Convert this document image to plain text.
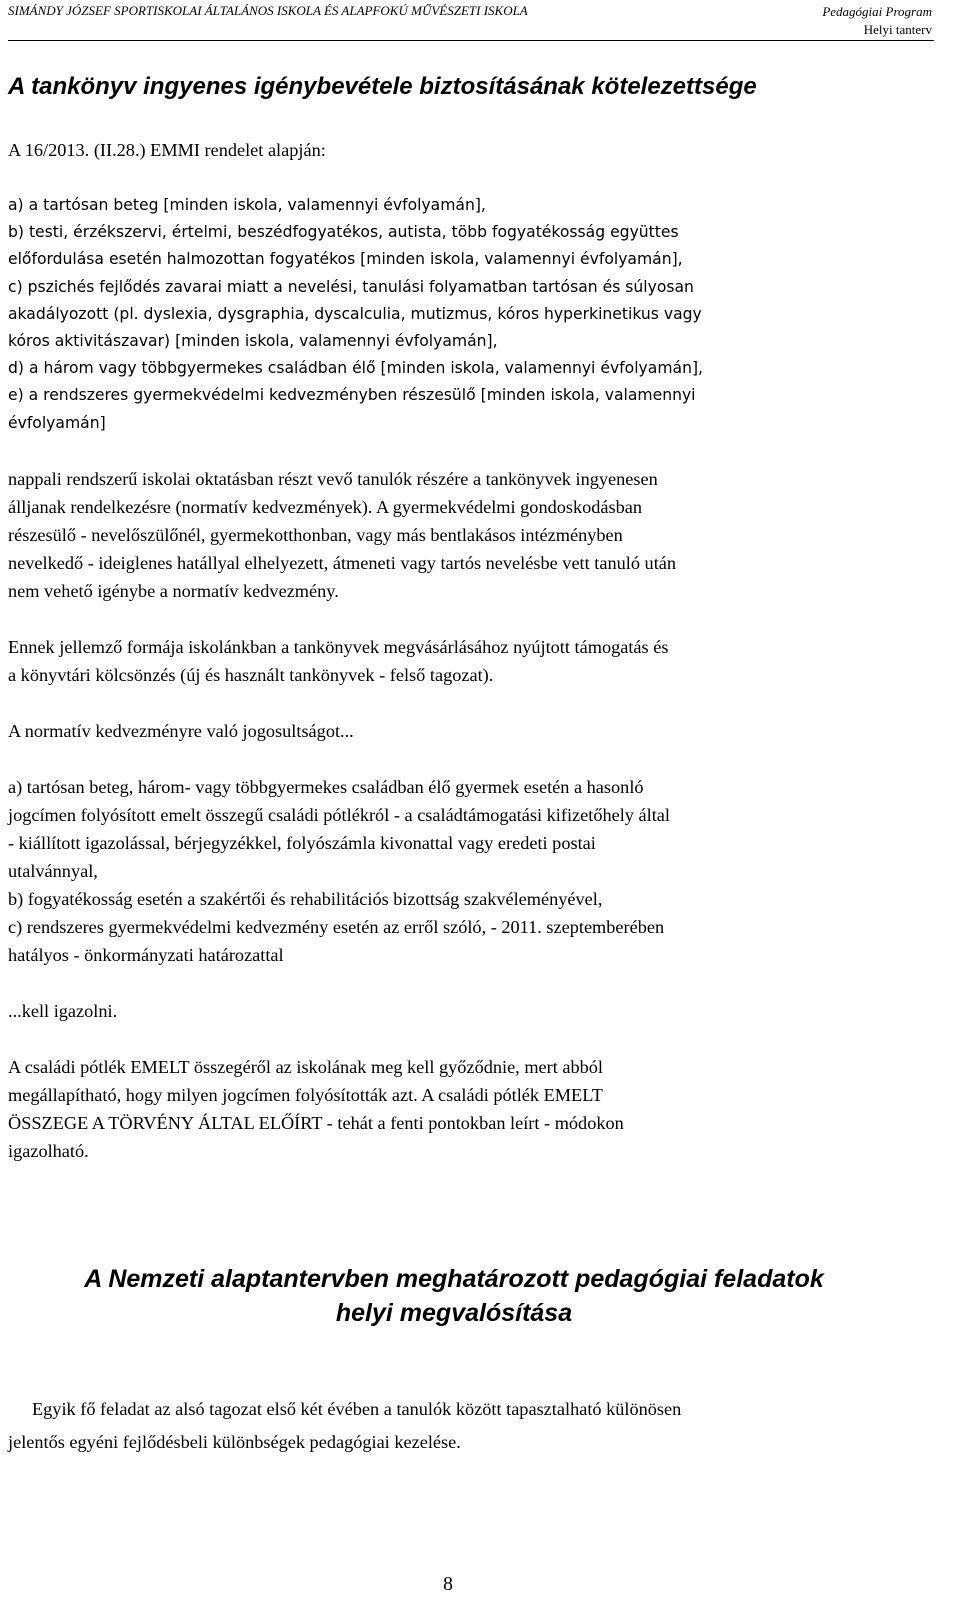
SIMÁNDY JÓZSEF SPORTISKOLAI ÁLTALÁNOS ISKOLA ÉS ALAPFOKÚ MŰVÉSZETI ISKOLA	Pedagógiai Program
Helyi tanterv
A tankönyv ingyenes igénybevétele biztosításának kötelezettsége
A 16/2013. (II.28.) EMMI rendelet alapján:
a) a tartósan beteg [minden iskola, valamennyi évfolyamán],
b) testi, érzékszervi, értelmi, beszédfogyatékos, autista, több fogyatékosság együttes
előfordulása esetén halmozottan fogyatékos [minden iskola, valamennyi évfolyamán],
c) pszichés fejlődés zavarai miatt a nevelési, tanulási folyamatban tartósan és súlyosan
akadályozott (pl. dyslexia, dysgraphia, dyscalculia, mutizmus, kóros hyperkinetikus vagy
kóros aktivitászavar) [minden iskola, valamennyi évfolyamán],
d) a három vagy többgyermekes családban élő [minden iskola, valamennyi évfolyamán],
e) a rendszeres gyermekvédelmi kedvezményben részesülő [minden iskola, valamennyi
évfolyamán]
nappali rendszerű iskolai oktatásban részt vevő tanulók részére a tankönyvek ingyenesen
álljanak rendelkezésre (normatív kedvezmények). A gyermekvédelmi gondoskodásban
részesülő - nevelőszülőnél, gyermekotthonban, vagy más bentlakásos intézményben
nevelkedő - ideiglenes hatállyal elhelyezett, átmeneti vagy tartós nevelésbe vett tanuló után
nem vehető igénybe a normatív kedvezmény.
Ennek jellemző formája iskolánkban a tankönyvek megvásárlásához nyújtott támogatás és
a könyvtári kölcsönzés (új és használt tankönyvek - felső tagozat).
A normatív kedvezményre való jogosultságot...
a) tartósan beteg, három- vagy többgyermekes családban élő gyermek esetén a hasonló
jogcímen folyósított emelt összegű családi pótlékról - a családtámogatási kifizetőhely által
- kiállított igazolással, bérjegyzékkel, folyószámla kivonattal vagy eredeti postai
utalvánnyal,
b) fogyatékosság esetén a szakértői és rehabilitációs bizottság szakvéleményével,
c) rendszeres gyermekvédelmi kedvezmény esetén az erről szóló, - 2011. szeptemberében
hatályos - önkormányzati határozattal
...kell igazolni.
A családi pótlék EMELT összegéről az iskolának meg kell győződnie, mert abból
megállapítható, hogy milyen jogcímen folyósították azt. A családi pótlék EMELT
ÖSSZEGE A TÖRVÉNY ÁLTAL ELŐÍRT - tehát a fenti pontokban leírt - módokon
igazolható.
A Nemzeti alaptantervben meghatározott pedagógiai feladatok
helyi megvalósítása
Egyik fő feladat az alsó tagozat első két évében a tanulók között tapasztalható különösen
jelentős egyéni fejlődésbeli különbségek pedagógiai kezelése.
8
